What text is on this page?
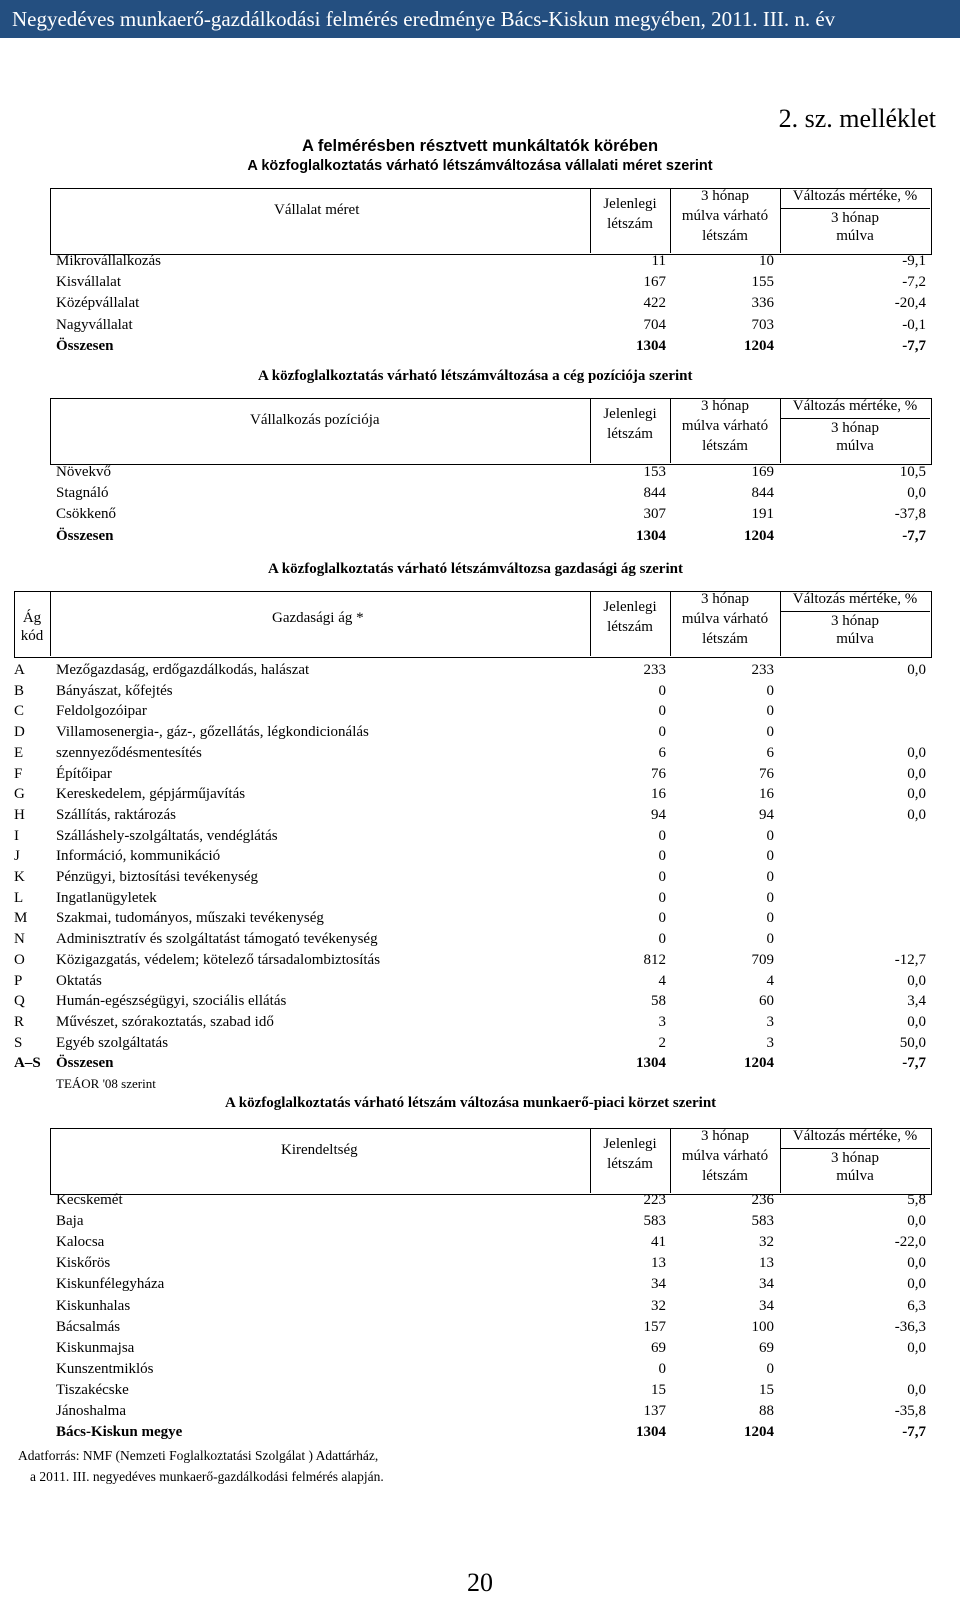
Negyedéves munkaerő-gazdálkodási felmérés eredménye Bács-Kiskun megyében, 2011. III. n. év
2. sz. melléklet
A felmérésben résztvett munkáltatók körében
A közfoglalkoztatás várható létszámváltozása vállalati méret szerint
A közfoglalkoztatás várható létszámváltozása a cég pozíciója szerint
A közfoglalkoztatás várható létszámváltozsa gazdasági ág szerint
A közfoglalkoztatás várható létszám változása munkaerő-piaci körzet szerint
Vállalat méret	Jelenlegi
létszám
3 hónap
múlva várható
létszám
Változás mértéke, %
3 hónap
múlva
Mikrovállalkozás	11	10	-9,1
Kisvállalat	167	155	-7,2
Középvállalat	422	336	-20,4
Nagyvállalat	704	703	-0,1
Összesen	1304	1204	-7,7
Vállalkozás pozíciója	Jelenlegi
létszám
3 hónap
múlva várható
létszám
Változás mértéke, %
3 hónap
múlva
Növekvő	153	169	10,5
Stagnáló	844	844	0,0
Csökkenő	307	191	-37,8
Összesen	1304	1204	-7,7
Ág
kód
Gazdasági ág *
Jelenlegi
létszám
3 hónap
múlva várható
létszám
Változás mértéke, %
3 hónap
múlva
A Mezőgazdaság, erdőgazdálkodás, halászat	233	233	0,0
B Bányászat, kőfejtés	0	0
C Feldolgozóipar	0	0
D Villamosenergia-, gáz-, gőzellátás, légkondicionálás	0	0
E szennyeződésmentesítés	6	6	0,0
F Építőipar	76	76	0,0
G Kereskedelem, gépjárműjavítás	16	16	0,0
H Szállítás, raktározás	94	94	0,0
I Szálláshely-szolgáltatás, vendéglátás	0	0
J Információ, kommunikáció	0	0
K Pénzügyi, biztosítási tevékenység	0	0
L Ingatlanügyletek	0	0
M Szakmai, tudományos, műszaki tevékenység	0	0
N Adminisztratív és szolgáltatást támogató tevékenység	0	0
O Közigazgatás, védelem; kötelező társadalombiztosítás	812	709	-12,7
P Oktatás	4	4	0,0
Q Humán-egészségügyi, szociális ellátás	58	60	3,4
R Művészet, szórakoztatás, szabad idő	3	3	0,0
S Egyéb szolgáltatás	2	3	50,0
A–S Összesen	1304	1204	-7,7
Kirendeltség	Jelenlegi
létszám
3 hónap
múlva várható
létszám
Változás mértéke, %
3 hónap
múlva
Kecskemét	223	236	5,8
Baja	583	583	0,0
Kalocsa	41	32	-22,0
Kiskőrös	13	13	0,0
Kiskunfélegyháza	34	34	0,0
Kiskunhalas	32	34	6,3
Bácsalmás	157	100	-36,3
Kiskunmajsa	69	69	0,0
Kunszentmiklós	0	0
Tiszakécske	15	15	0,0
Jánoshalma	137	88	-35,8
Bács-Kiskun megye	1304	1204	-7,7
TEÁOR '08 szerint
Adatforrás: NMF (Nemzeti Foglalkoztatási Szolgálat ) Adattárház,
a 2011. III. negyedéves munkaerő-gazdálkodási felmérés alapján.
20
